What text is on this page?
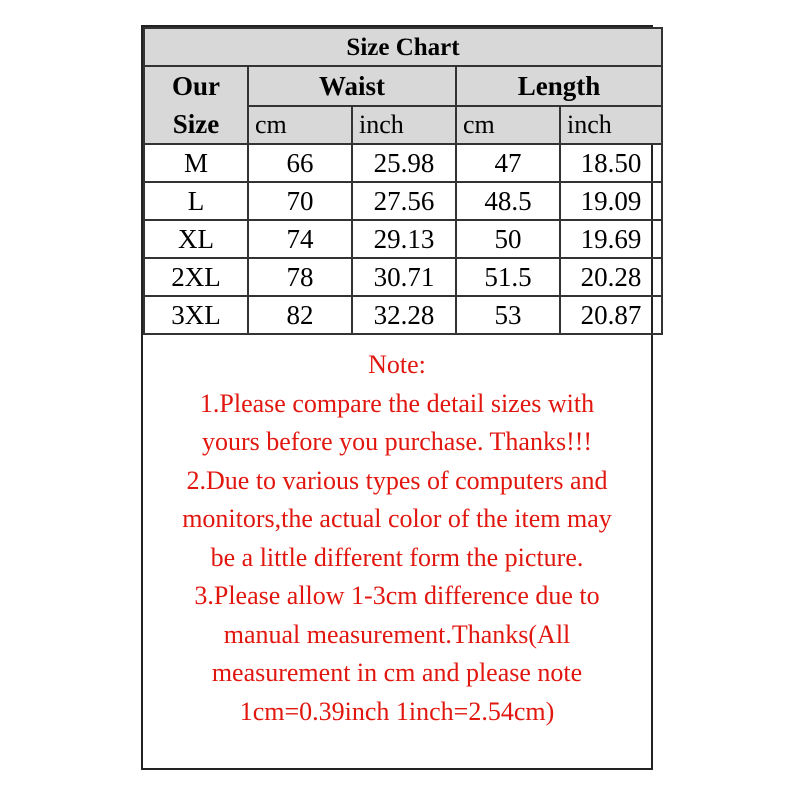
Size Chart				
Our
Size	Waist		Length	
	cm	inch	cm	inch
M	66	25.98	47	18.50
L	70	27.56	48.5	19.09
XL	74	29.13	50	19.69
2XL	78	30.71	51.5	20.28
3XL	82	32.28	53	20.87
Note:
1.Please compare the detail sizes with
yours before you purchase. Thanks!!!
2.Due to various types of computers and
monitors,the actual color of the item may
be a little different form the picture.
3.Please allow 1-3cm difference due to
manual measurement.Thanks(All
measurement in cm and please note
1cm=0.39inch 1inch=2.54cm)
